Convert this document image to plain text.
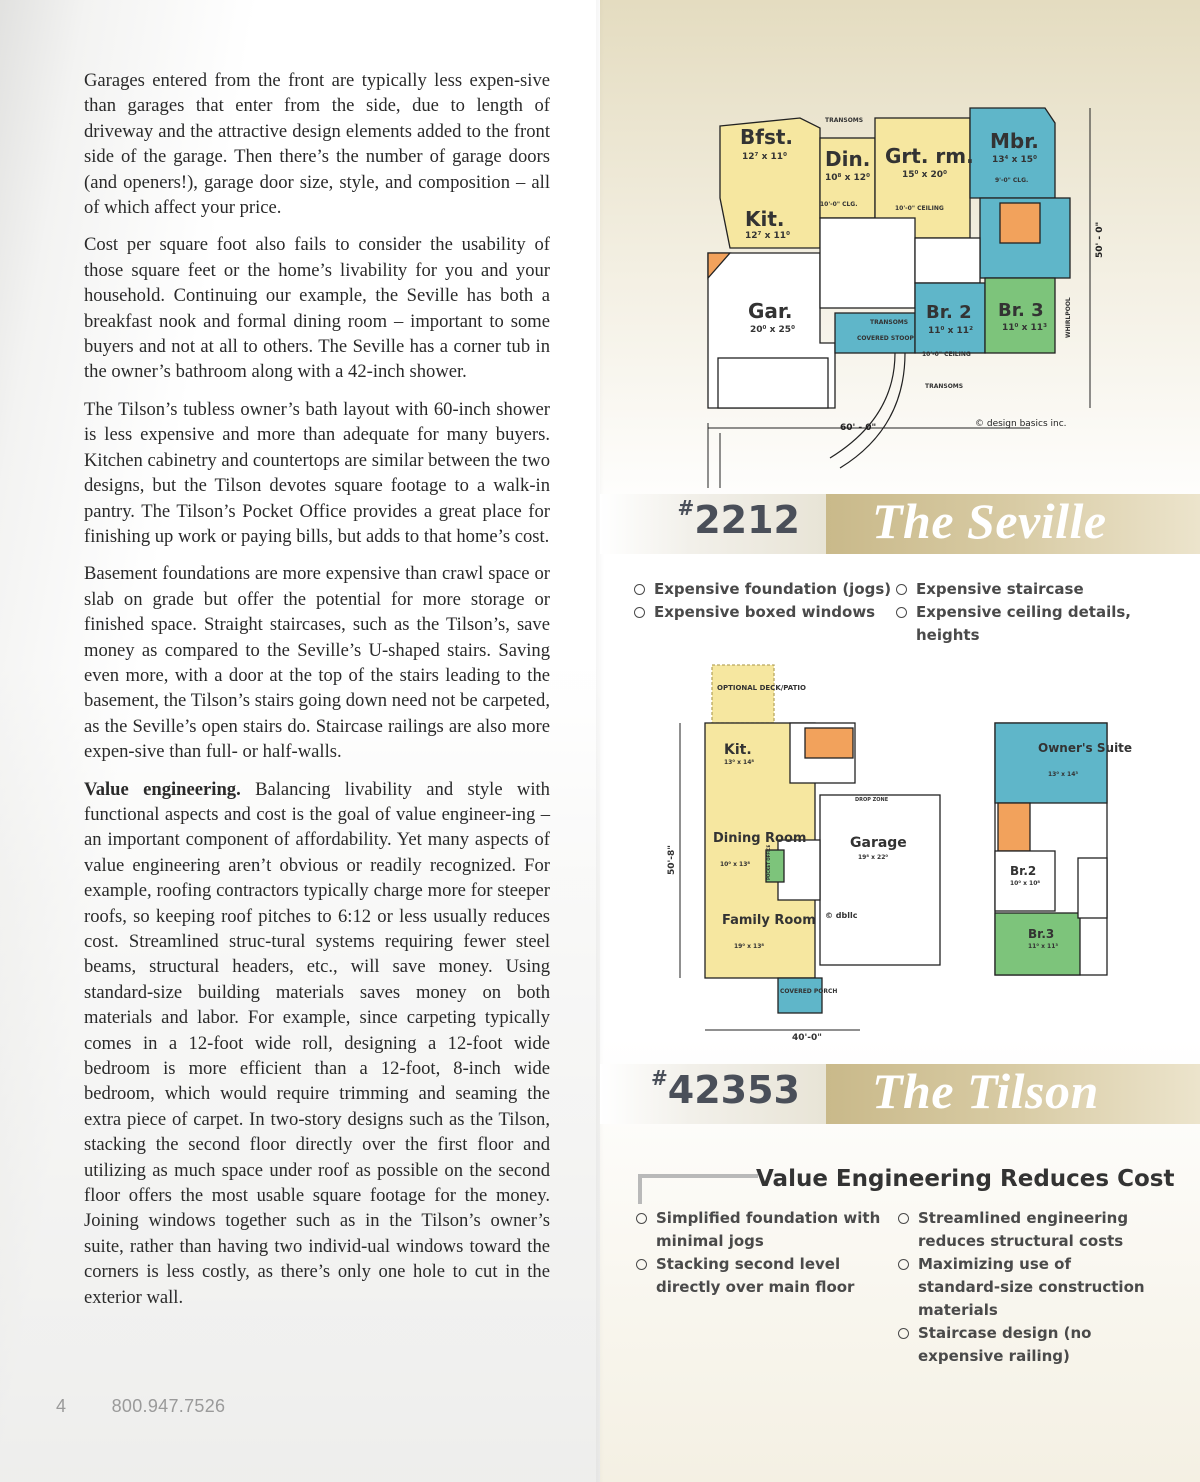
Garages entered from the front are typically less expen-sive than garages that enter from the side, due to length of driveway and the attractive design elements added to the front side of the garage. Then there’s the number of garage doors (and openers!), garage door size, style, and composition – all of which affect your price.

Cost per square foot also fails to consider the usability of those square feet or the home’s livability for you and your household. Continuing our example, the Seville has both a breakfast nook and formal dining room – important to some buyers and not at all to others. The Seville has a corner tub in the owner’s bathroom along with a 42-inch shower.

The Tilson’s tubless owner’s bath layout with 60-inch shower is less expensive and more than adequate for many buyers. Kitchen cabinetry and countertops are similar between the two designs, but the Tilson devotes square footage to a walk-in pantry. The Tilson’s Pocket Office provides a great place for finishing up work or paying bills, but adds to that home’s cost.

Basement foundations are more expensive than crawl space or slab on grade but offer the potential for more storage or finished space. Straight staircases, such as the Tilson’s, save money as compared to the Seville’s U-shaped stairs. Saving even more, with a door at the top of the stairs leading to the basement, the Tilson’s stairs going down need not be carpeted, as the Seville’s open stairs do. Staircase railings are also more expen-sive than full- or half-walls.

Value engineering. Balancing livability and style with functional aspects and cost is the goal of value engineer-ing – an important component of affordability. Yet many aspects of value engineering aren’t obvious or readily recognized. For example, roofing contractors typically charge more for steeper roofs, so keeping roof pitches to 6:12 or less usually reduces cost. Streamlined struc-tural systems requiring fewer steel beams, structural headers, etc., will save money. Using standard-size building materials saves money on both materials and labor. For example, since carpeting typically comes in a 12-foot wide roll, designing a 12-foot wide bedroom is more efficient than a 12-foot, 8-inch wide bedroom, which would require trimming and seaming the extra piece of carpet. In two-story designs such as the Tilson, stacking the second floor directly over the first floor and utilizing as much space under roof as possible on the second floor offers the most usable square footage for the money. Joining windows together such as in the Tilson’s owner’s suite, rather than having two individ-ual windows toward the corners is less costly, as there’s only one hole to cut in the exterior wall.

4	800.947.7526
Bfst.
12⁷ x 11⁰ Din.
10⁸ x 12⁰
Grt. rm.
15⁰ x 20⁰
Mbr.
13⁴ x 15⁰
Kit.
12⁷ x 11⁰
Gar.
20⁰ x 25⁰
Br. 2
11⁰ x 11²
Br. 3
11⁰ x 11³
TRANSOMS
TRANSOMS
TRANSOMS
10'-0" CLG.
10'-0" CEILING
10'-0" CEILING
COVERED STOOP
9'-0" CLG.
WHIRLPOOL
60' - 0"
50' - 0"
© design basics inc.
#2212 The Seville
Expensive foundation (jogs)
Expensive boxed windows
Expensive staircase
Expensive ceiling details, heights
OPTIONAL DECK/PATIO
Kit.
13⁰ x 14⁸
Dining Room
10⁰ x 13⁸
Family Room
19⁰ x 13⁸
Garage
19⁸ x 22⁰
COVERED PORCH
DROP ZONE
POCKET OFFICE
© dbllc
50'-8"
40'-0"
Owner's Suite
13⁰ x 14³
Br.2
10⁰ x 10⁸
Br.3
11⁰ x 11³
#42353 The Tilson
Value Engineering Reduces Cost
Simplified foundation with minimal jogs
Stacking second level directly over main floor
Streamlined engineering reduces structural costs
Maximizing use of standard-size construction materials
Staircase design (no expensive railing)
